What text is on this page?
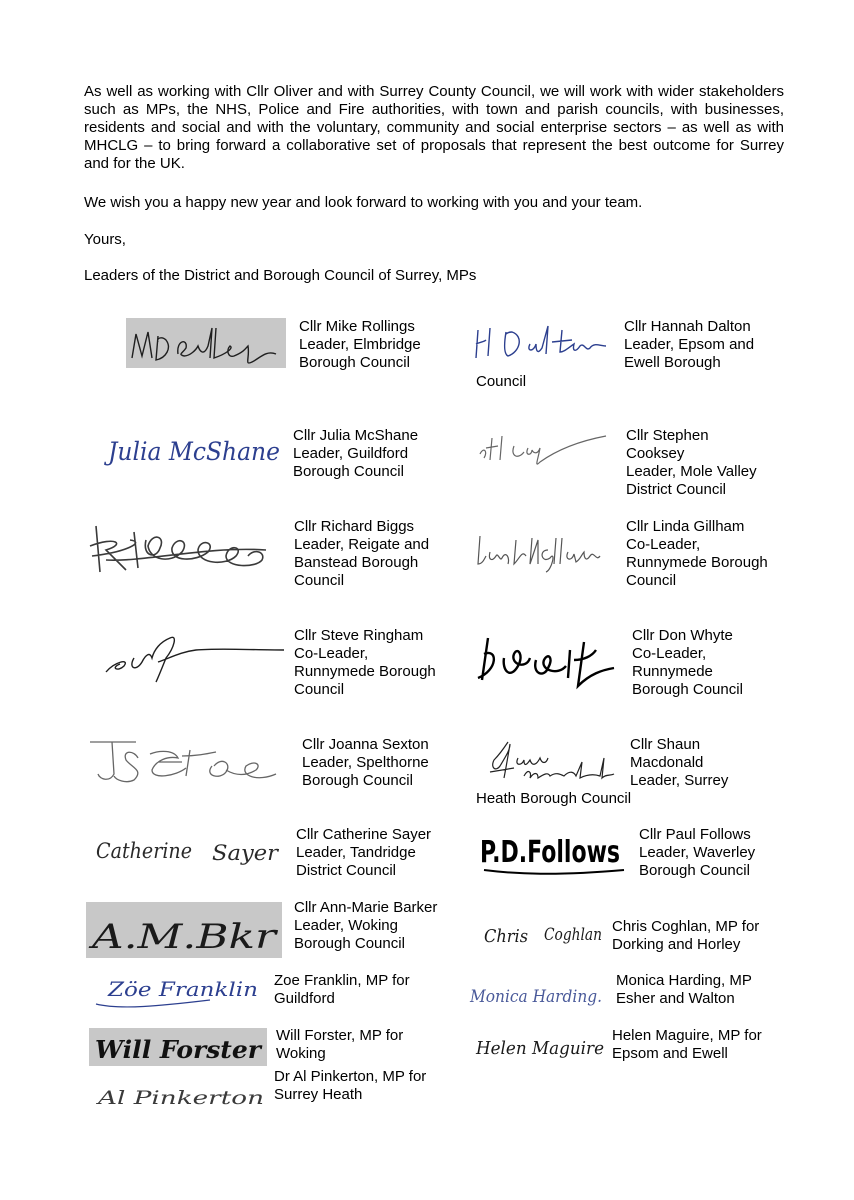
As well as working with Cllr Oliver and with Surrey County Council, we will work with wider stakeholders such as MPs, the NHS, Police and Fire authorities, with town and parish councils, with businesses, residents and social and with the voluntary, community and social enterprise sectors – as well as with MHCLG – to bring forward a collaborative set of proposals that represent the best outcome for Surrey and for the UK.
We wish you a happy new year and look forward to working with you and your team.
Yours,
Leaders of the District and Borough Council of Surrey, MPs
Cllr Mike Rollings
Leader, Elmbridge
Borough Council
Cllr Hannah Dalton
Leader, Epsom and
Ewell Borough
Council
Julia McShane
Cllr Julia McShane
Leader, Guildford
Borough Council
Cllr Stephen
Cooksey
Leader, Mole Valley
District Council
Cllr Richard Biggs
Leader, Reigate and
Banstead Borough
Council
Cllr Linda Gillham
Co-Leader,
Runnymede Borough
Council
Cllr Steve Ringham
Co-Leader,
Runnymede Borough
Council
Cllr Don Whyte
Co-Leader,
Runnymede
Borough Council
Cllr Joanna Sexton
Leader, Spelthorne
Borough Council
Cllr Shaun
Macdonald
Leader, Surrey
Heath Borough Council
Catherine Sayer
Cllr Catherine Sayer
Leader, Tandridge
District Council
P.D.Follows
Cllr Paul Follows
Leader, Waverley
Borough Council
A.M.Bkr
Cllr Ann-Marie Barker
Leader, Woking
Borough Council	Chris Coghlan Chris Coghlan, MP for
Dorking and Horley
Zöe Franklin Zoe Franklin, MP for
Guildford	Monica Harding.
Monica Harding, MP
Esher and Walton
Will Forster Will Forster, MP for
Woking	Helen Maguire
Helen Maguire, MP for
Epsom and Ewell
Al Pinkerton
Dr Al Pinkerton, MP for
Surrey Heath
